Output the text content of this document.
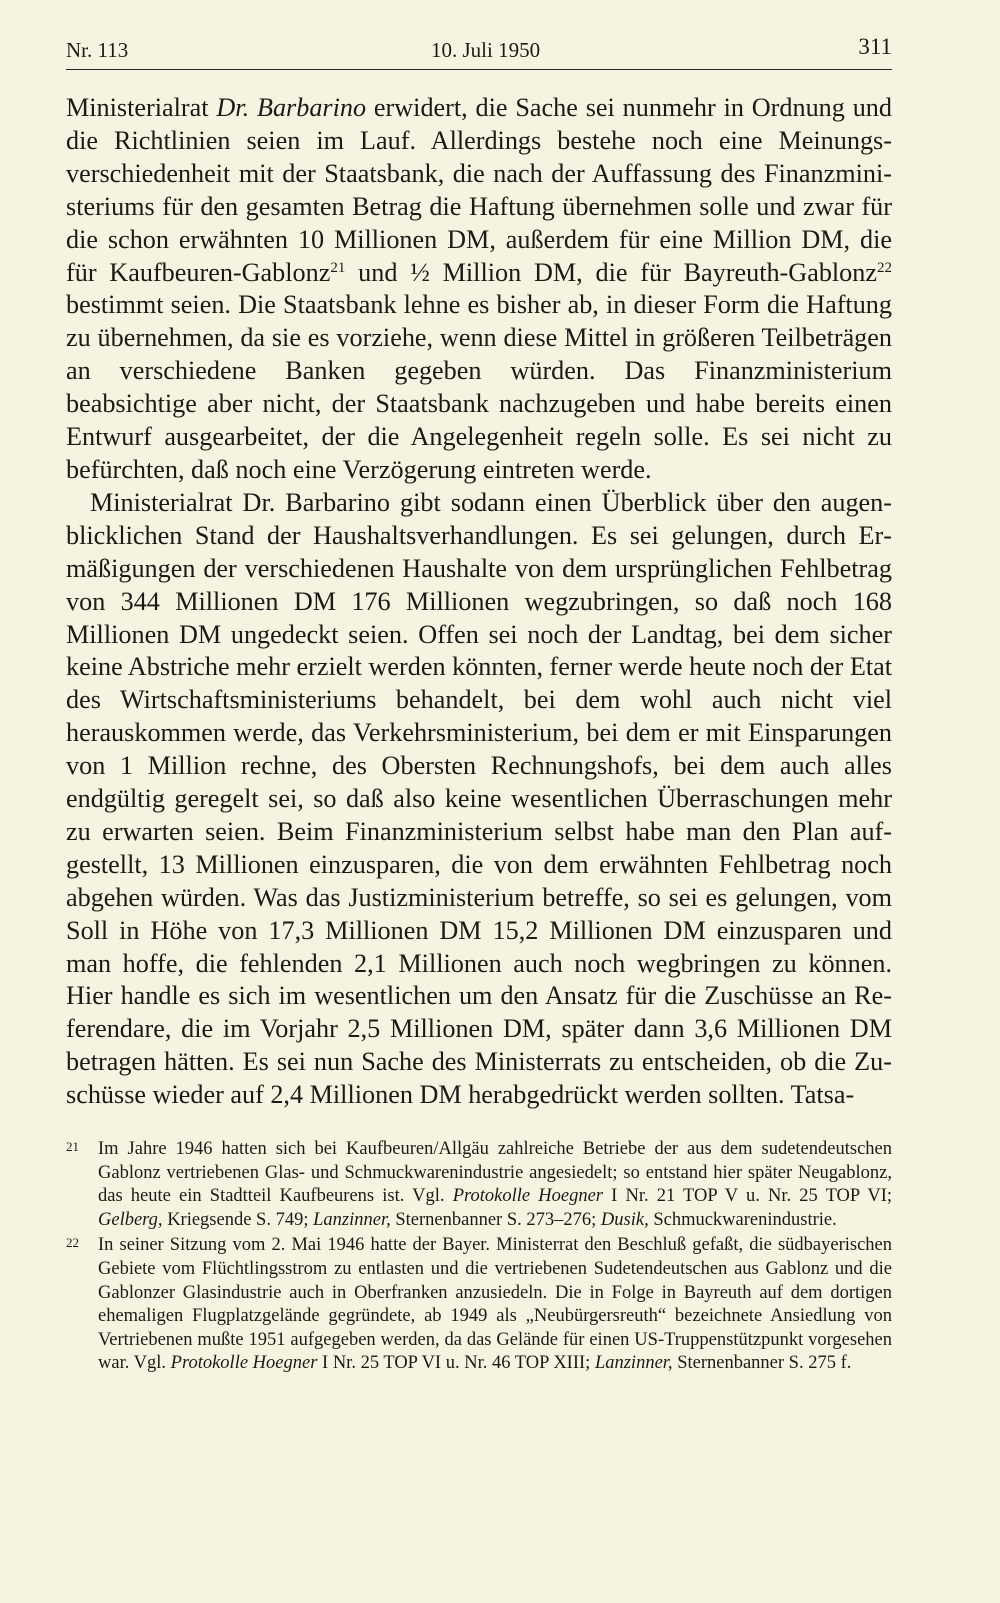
Nr. 113	10. Juli 1950	311

Ministerialrat Dr. Barbarino erwidert, die Sache sei nunmehr in Ordnung und die Richtlinien seien im Lauf. Allerdings bestehe noch eine Meinungsverschiedenheit mit der Staatsbank, die nach der Auffassung des Finanzministeriums für den gesamten Betrag die Haftung übernehmen solle und zwar für die schon erwähnten 10 Millionen DM, außerdem für eine Million DM, die für Kaufbeuren-Gablonz$^{21}$ und ½ Million DM, die für Bayreuth-Gablonz$^{22}$ bestimmt seien. Die Staatsbank lehne es bisher ab, in dieser Form die Haftung zu übernehmen, da sie es vorziehe, wenn diese Mittel in größeren Teilbeträgen an verschiedene Banken gegeben würden. Das Finanzministerium beabsichtige aber nicht, der Staatsbank nachzugeben und habe bereits einen Entwurf ausgearbeitet, der die Angelegenheit regeln solle. Es sei nicht zu befürchten, daß noch eine Verzögerung eintreten werde.

Ministerialrat Dr. Barbarino gibt sodann einen Überblick über den augenblicklichen Stand der Haushaltsverhandlungen. Es sei gelungen, durch Ermäßigungen der verschiedenen Haushalte von dem ursprünglichen Fehlbetrag von 344 Millionen DM 176 Millionen wegzubringen, so daß noch 168 Millionen DM ungedeckt seien. Offen sei noch der Landtag, bei dem sicher keine Abstriche mehr erzielt werden könnten, ferner werde heute noch der Etat des Wirtschaftsministeriums behandelt, bei dem wohl auch nicht viel herauskommen werde, das Verkehrsministerium, bei dem er mit Einsparungen von 1 Million rechne, des Obersten Rechnungshofs, bei dem auch alles endgültig geregelt sei, so daß also keine wesentlichen Überraschungen mehr zu erwarten seien. Beim Finanzministerium selbst habe man den Plan aufgestellt, 13 Millionen einzusparen, die von dem erwähnten Fehlbetrag noch abgehen würden. Was das Justizministerium betreffe, so sei es gelungen, vom Soll in Höhe von 17,3 Millionen DM 15,2 Millionen DM einzusparen und man hoffe, die fehlenden 2,1 Millionen auch noch wegbringen zu können. Hier handle es sich im wesentlichen um den Ansatz für die Zuschüsse an Referendare, die im Vorjahr 2,5 Millionen DM, später dann 3,6 Millionen DM betragen hätten. Es sei nun Sache des Ministerrats zu entscheiden, ob die Zuschüsse wieder auf 2,4 Millionen DM herabgedrückt werden sollten. Tatsa-

21 Im Jahre 1946 hatten sich bei Kaufbeuren/Allgäu zahlreiche Betriebe der aus dem sudetendeutschen Gablonz vertriebenen Glas- und Schmuckwarenindustrie angesiedelt; so entstand hier später Neugablonz, das heute ein Stadtteil Kaufbeurens ist. Vgl. Protokolle Hoegner I Nr. 21 TOP V u. Nr. 25 TOP VI; Gelberg, Kriegsende S. 749; Lanzinner, Sternenbanner S. 273–276; Dusik, Schmuckwarenindustrie.
22 In seiner Sitzung vom 2. Mai 1946 hatte der Bayer. Ministerrat den Beschluß gefaßt, die südbayerischen Gebiete vom Flüchtlingsstrom zu entlasten und die vertriebenen Sudetendeutschen aus Gablonz und die Gablonzer Glasindustrie auch in Oberfranken anzusiedeln. Die in Folge in Bayreuth auf dem dortigen ehemaligen Flugplatzgelände gegründete, ab 1949 als „Neubürgersreuth“ bezeichnete Ansiedlung von Vertriebenen mußte 1951 aufgegeben werden, da das Gelände für einen US-Truppenstützpunkt vorgesehen war. Vgl. Protokolle Hoegner I Nr. 25 TOP VI u. Nr. 46 TOP XIII; Lanzinner, Sternenbanner S. 275 f.
